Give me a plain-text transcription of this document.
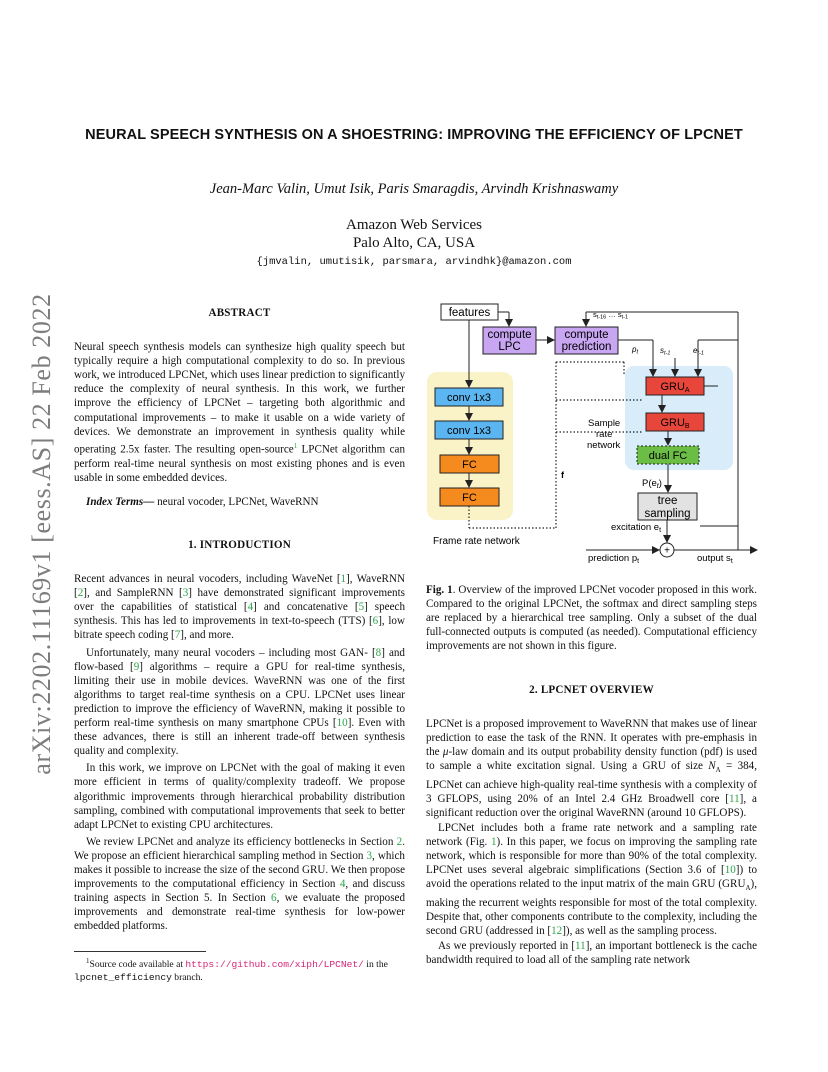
arXiv:2202.11169v1 [eess.AS] 22 Feb 2022
NEURAL SPEECH SYNTHESIS ON A SHOESTRING: IMPROVING THE EFFICIENCY OF LPCNET
Jean-Marc Valin, Umut Isik, Paris Smaragdis, Arvindh Krishnaswamy
Amazon Web Services
Palo Alto, CA, USA
{jmvalin, umutisik, parsmara, arvindhk}@amazon.com
ABSTRACT

Neural speech synthesis models can synthesize high quality speech but typically require a high computational complexity to do so. In previous work, we introduced LPCNet, which uses linear prediction to significantly reduce the complexity of neural synthesis. In this work, we further improve the efficiency of LPCNet – targeting both algorithmic and computational improvements – to make it usable on a wide variety of devices. We demonstrate an improvement in synthesis quality while operating 2.5x faster. The resulting open-source$^1$ LPCNet algorithm can perform real-time neural synthesis on most existing phones and is even usable in some embedded devices.

Index Terms— neural vocoder, LPCNet, WaveRNN

1. INTRODUCTION

Recent advances in neural vocoders, including WaveNet [1], WaveRNN [2], and SampleRNN [3] have demonstrated significant improvements over the capabilities of statistical [4] and concatenative [5] speech synthesis. This has led to improvements in text-to-speech (TTS) [6], low bitrate speech coding [7], and more.

Unfortunately, many neural vocoders – including most GAN- [8] and flow-based [9] algorithms – require a GPU for real-time synthesis, limiting their use in mobile devices. WaveRNN was one of the first algorithms to target real-time synthesis on a CPU. LPCNet uses linear prediction to improve the efficiency of WaveRNN, making it possible to perform real-time synthesis on many smartphone CPUs [10]. Even with these advances, there is still an inherent trade-off between synthesis quality and complexity.

In this work, we improve on LPCNet with the goal of making it even more efficient in terms of quality/complexity tradeoff. We propose algorithmic improvements through hierarchical probability distribution sampling, combined with computational improvements that seek to better adapt LPCNet to existing CPU architectures.

We review LPCNet and analyze its efficiency bottlenecks in Section 2. We propose an efficient hierarchical sampling method in Section 3, which makes it possible to increase the size of the second GRU. We then propose improvements to the computational efficiency in Section 4, and discuss training aspects in Section 5. In Section 6, we evaluate the proposed improvements and demonstrate real-time synthesis for low-power embedded platforms.

$^1$Source code available at https://github.com/xiph/LPCNet/ in the
lpcnet_efficiency branch.
features
compute
LPC
compute
prediction
conv 1x3
conv 1x3
FC
FC
Frame rate network
GRUA
GRUB
dual FC
$P(e_t)$
tree
sampling
Sample
rate
network
$s_{t-16}$ … $s_{t-1}$
pt	st-1	et-1
f
excitation $e_t$
prediction $p_t$	output $s_t$
+
Fig. 1. Overview of the improved LPCNet vocoder proposed in this work. Compared to the original LPCNet, the softmax and direct sampling steps are replaced by a hierarchical tree sampling. Only a subset of the dual full-connected outputs is computed (as needed). Computational efficiency improvements are not shown in this figure.
2. LPCNET OVERVIEW

LPCNet is a proposed improvement to WaveRNN that makes use of linear prediction to ease the task of the RNN. It operates with pre-emphasis in the μ-law domain and its output probability density function (pdf) is used to sample a white excitation signal. Using a GRU of size $N_A = 384$, LPCNet can achieve high-quality real-time synthesis with a complexity of 3 GFLOPS, using 20% of an Intel 2.4 GHz Broadwell core [11], a significant reduction over the original WaveRNN (around 10 GFLOPS).

LPCNet includes both a frame rate network and a sampling rate network (Fig. 1). In this paper, we focus on improving the sampling rate network, which is responsible for more than 90% of the total complexity. LPCNet uses several algebraic simplifications (Section 3.6 of [10]) to avoid the operations related to the input matrix of the main GRU $(GRU_A)$, making the recurrent weights responsible for most of the total complexity. Despite that, other components contribute to the complexity, including the second GRU (addressed in [12]), as well as the sampling process.

As we previously reported in [11], an important bottleneck is the cache bandwidth required to load all of the sampling rate network
